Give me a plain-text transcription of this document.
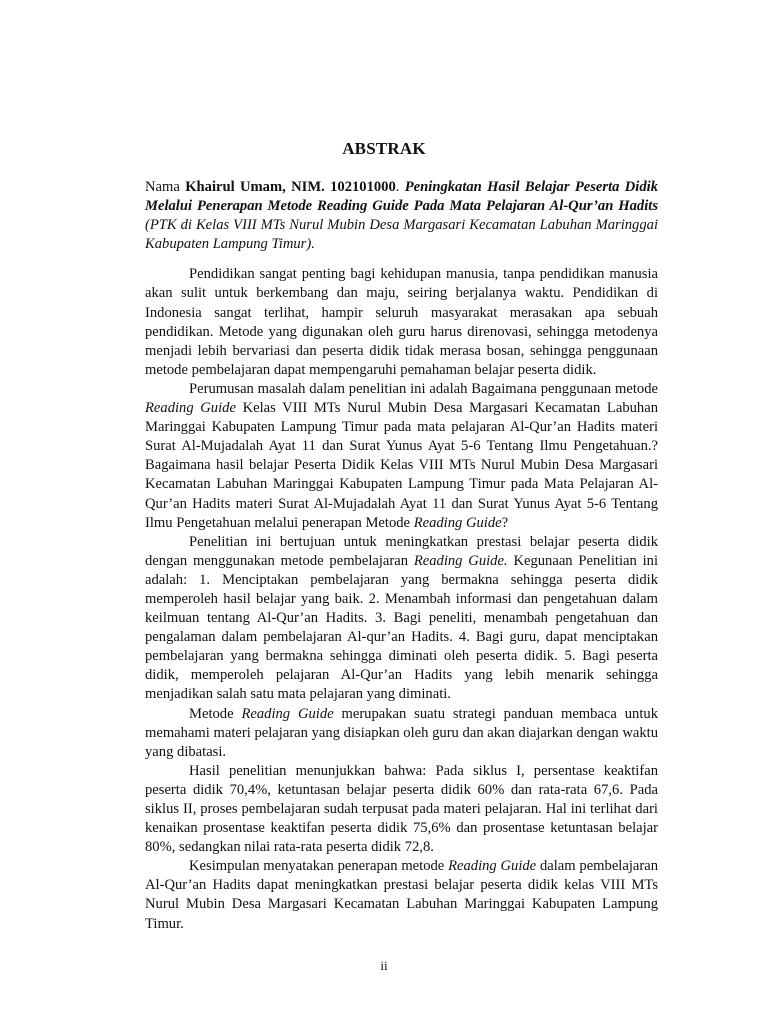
ABSTRAK

Nama Khairul Umam, NIM. 102101000. Peningkatan Hasil Belajar Peserta Didik Melalui Penerapan Metode Reading Guide Pada Mata Pelajaran Al-Qur’an Hadits (PTK di Kelas VIII MTs Nurul Mubin Desa Margasari Kecamatan Labuhan Maringgai Kabupaten Lampung Timur).

Pendidikan sangat penting bagi kehidupan manusia, tanpa pendidikan manusia akan sulit untuk berkembang dan maju, seiring berjalanya waktu. Pendidikan di Indonesia sangat terlihat, hampir seluruh masyarakat merasakan apa sebuah pendidikan. Metode yang digunakan oleh guru harus direnovasi, sehingga metodenya menjadi lebih bervariasi dan peserta didik tidak merasa bosan, sehingga penggunaan metode pembelajaran dapat mempengaruhi pemahaman belajar peserta didik.

Perumusan masalah dalam penelitian ini adalah Bagaimana penggunaan metode Reading Guide Kelas VIII MTs Nurul Mubin Desa Margasari Kecamatan Labuhan Maringgai Kabupaten Lampung Timur pada mata pelajaran Al-Qur’an Hadits materi Surat Al-Mujadalah Ayat 11 dan Surat Yunus Ayat 5-6 Tentang Ilmu Pengetahuan.? Bagaimana hasil belajar Peserta Didik Kelas VIII MTs Nurul Mubin Desa Margasari Kecamatan Labuhan Maringgai Kabupaten Lampung Timur pada Mata Pelajaran Al-Qur’an Hadits materi Surat Al-Mujadalah Ayat 11 dan Surat Yunus Ayat 5-6 Tentang Ilmu Pengetahuan melalui penerapan Metode Reading Guide?

Penelitian ini bertujuan untuk meningkatkan prestasi belajar peserta didik dengan menggunakan metode pembelajaran Reading Guide. Kegunaan Penelitian ini adalah: 1. Menciptakan pembelajaran yang bermakna sehingga peserta didik memperoleh hasil belajar yang baik. 2. Menambah informasi dan pengetahuan dalam keilmuan tentang Al-Qur’an Hadits. 3. Bagi peneliti, menambah pengetahuan dan pengalaman dalam pembelajaran Al-qur’an Hadits. 4. Bagi guru, dapat menciptakan pembelajaran yang bermakna sehingga diminati oleh peserta didik. 5. Bagi peserta didik, memperoleh pelajaran Al-Qur’an Hadits yang lebih menarik sehingga menjadikan salah satu mata pelajaran yang diminati.

Metode Reading Guide merupakan suatu strategi panduan membaca untuk memahami materi pelajaran yang disiapkan oleh guru dan akan diajarkan dengan waktu yang dibatasi.

Hasil penelitian menunjukkan bahwa: Pada siklus I, persentase keaktifan peserta didik 70,4%, ketuntasan belajar peserta didik 60% dan rata-rata 67,6. Pada siklus II, proses pembelajaran sudah terpusat pada materi pelajaran. Hal ini terlihat dari kenaikan prosentase keaktifan peserta didik 75,6% dan prosentase ketuntasan belajar 80%, sedangkan nilai rata-rata peserta didik 72,8.

Kesimpulan menyatakan penerapan metode Reading Guide dalam pembelajaran Al-Qur’an Hadits dapat meningkatkan prestasi belajar peserta didik kelas VIII MTs Nurul Mubin Desa Margasari Kecamatan Labuhan Maringgai Kabupaten Lampung Timur.

ii
